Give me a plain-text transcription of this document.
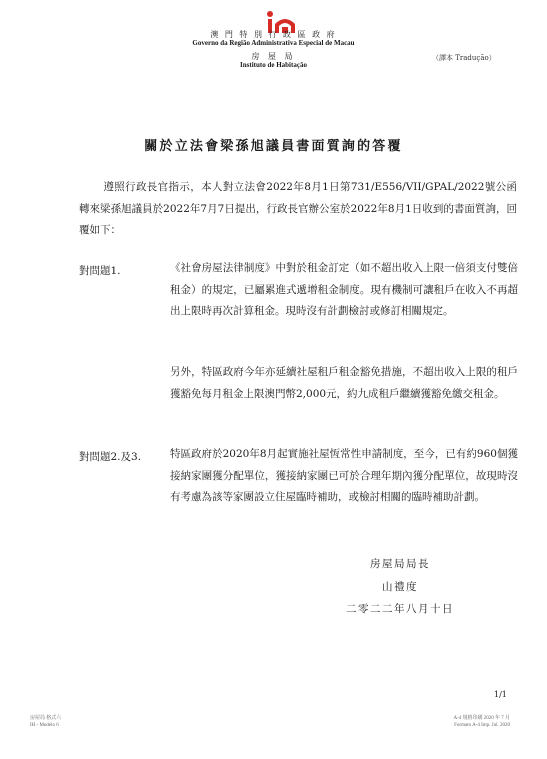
澳 門 特 別 行 政 區 政 府
Governo da Região Administrativa Especial de Macau
房 屋 局
Instituto de Habitação
（譯本 Tradução）
關於立法會梁孫旭議員書面質詢的答覆
遵照行政長官指示，本人對立法會2022年8月1日第731/E556/VII/GPAL/2022號公函轉來梁孫旭議員於2022年7月7日提出，行政長官辦公室於2022年8月1日收到的書面質詢，回覆如下：
對問題1.	《社會房屋法律制度》中對於租金訂定（如不超出收入上限一倍須支付雙倍租金）的規定，已屬累進式遞增租金制度。現有機制可讓租戶在收入不再超出上限時再次計算租金。現時沒有計劃檢討或修訂相關規定。
另外，特區政府今年亦延續社屋租戶租金豁免措施，不超出收入上限的租戶獲豁免每月租金上限澳門幣2,000元，約九成租戶繼續獲豁免繳交租金。
對問題2.及3.	特區政府於2020年8月起實施社屋恆常性申請制度，至今，已有約960個獲接納家團獲分配單位，獲接納家團已可於合理年期內獲分配單位，故現時沒有考慮為該等家團設立住屋臨時補助，或檢討相關的臨時補助計劃。
房屋局局長
山禮度
二零二二年八月十日
1/1
房屋局 格式六
IH - Modelo 6
A-4 規格印刷 2020 年 7 月
Formato A-4 Imp. Jul. 2020
